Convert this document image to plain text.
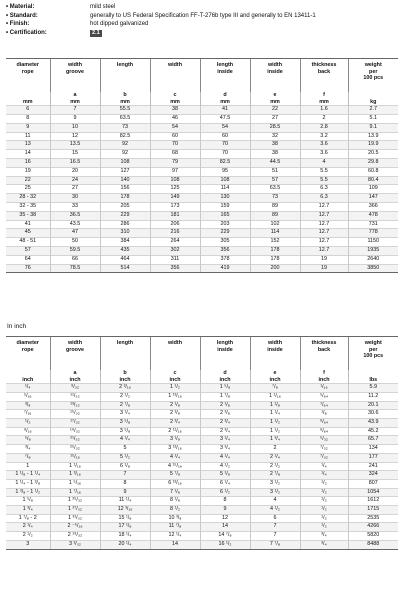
• Material:	mild steel
• Standard:	generally to US Federal Specification FF-T-276b type III and generally to EN 13411-1
• Finish:	hot dipped galvanized
• Certification:	2.1
diameter
rope	width
groove	length	width	length
inside	width
inside	thickness
back	weight
per
100 pcs
	a	b	c	d	e	f	
mm	mm	mm	mm	mm	mm	mm	kg
6	7	55.5	38	41	22	1.6	2.7
8	9	63.5	46	47.5	27	2	5.1
9	10	73	54	54	28.5	2.8	9.1
11	12	82.5	60	60	32	3.2	13.9
13	13.5	92	70	70	38	3.6	19.9
14	15	92	68	70	38	3.6	20.5
16	16.5	108	79	82.5	44.5	4	29.8
19	20	127	97	95	51	5.5	60.8
22	24	140	108	108	57	5.5	80.4
25	27	156	125	114	63.5	6.3	109
28 - 32	30	178	149	130	73	6.3	147
32 - 35	33	205	173	159	89	12.7	366
35 - 38	36.5	229	181	165	89	12.7	478
41	43.5	286	206	203	102	12.7	731
45	47	310	216	229	114	12.7	778
48 - 51	50	384	264	305	152	12.7	1150
57	59.5	435	302	356	178	12.7	1935
64	66	464	311	378	178	19	2640
76	78.5	514	356	419	200	19	3850
In inch
diameter
rope	width
groove	length	width	length
inside	width
inside	thickness
back	weight
per
100 pcs
	a	b	c	d	e	f	
inch	inch	inch	inch	inch	inch	inch	lbs
¹/₄	⁹/₃₂	2 ³/₁₆	1 ¹/₂	1 ⁵/₈	⁷/₈	¹/₁₆	5.9
⁵/₁₆	¹¹/₃₂	2 ¹/₂	1 ¹³/₁₆	1 ⁷/₈	1 ¹/₁₆	⁵/₆₄	11.2
³/₈	¹³/₃₂	2 ⁷/₈	2 ¹/₈	2 ¹/₈	1 ¹/₈	⁷/₆₄	20.1
⁷/₁₆	¹⁵/₃₂	3 ¹/₄	2 ³/₈	2 ³/₈	1 ¹/₄	¹/₈	30.6
¹/₂	¹⁷/₃₂	3 ⁵/₈	2 ³/₄	2 ³/₄	1 ¹/₂	⁹/₆₄	43.9
⁹/₁₆	¹⁹/₃₂	3 ⁵/₈	2 ¹¹/₁₆	2 ³/₄	1 ¹/₂	⁹/₆₄	45.2
⁵/₈	²¹/₃₂	4 ¹/₄	3 ¹/₈	3 ¹/₄	1 ³/₄	⁵/₃₂	65.7
³/₄	²⁵/₃₂	5	3 ¹³/₁₆	3 ³/₄	2	⁷/₃₂	134
⁷/₈	¹⁵/₁₆	5 ¹/₂	4 ¹/₄	4 ¹/₄	2 ¹/₄	⁷/₃₂	177
1	1 ¹/₁₆	6 ¹/₈	4 ¹⁵/₁₆	4 ¹/₂	2 ¹/₂	¹/₄	241
1 ¹/₈ - 1 ¹/₄	1 ³/₁₆	7	5 ⁷/₈	5 ¹/₈	2 ⁷/₈	¹/₄	324
1 ¹/₄ - 1 ³/₈	1 ⁵/₁₆	8	6 ¹³/₁₆	6 ¹/₄	3 ¹/₂	¹/₂	807
1 ³/₈ - 1 ¹/₂	1 ⁷/₁₆	9	7 ¹/₈	6 ¹/₂	3 ¹/₂	¹/₂	1054
1 ⁵/₈	1 ²⁵/₃₂	11 ¹/₄	8 ¹/₈	8	4	¹/₂	1612
1 ³/₄	1 ²⁷/₃₂	12 ³/₁₆	8 ¹/₂	9	4 ¹/₂	¹/₂	1715
1 ⁷/₈ - 2	1 ³¹/₃₂	15 ¹/₈	10 ³/₈	12	6	¹/₂	2535
2 ¹/₄	2 ⁻⁵/₁₆	17 ¹/₈	11 ⁷/₈	14	7	¹/₂	4266
2 ¹/₂	2 ¹⁹/₃₂	18 ¹/₄	12 ¹/₄	14 ⁷/₈	7	³/₄	5820
3	3 ³/₃₂	20 ¹/₄	14	16 ¹/₂	7 ⁷/₈	³/₄	8488
